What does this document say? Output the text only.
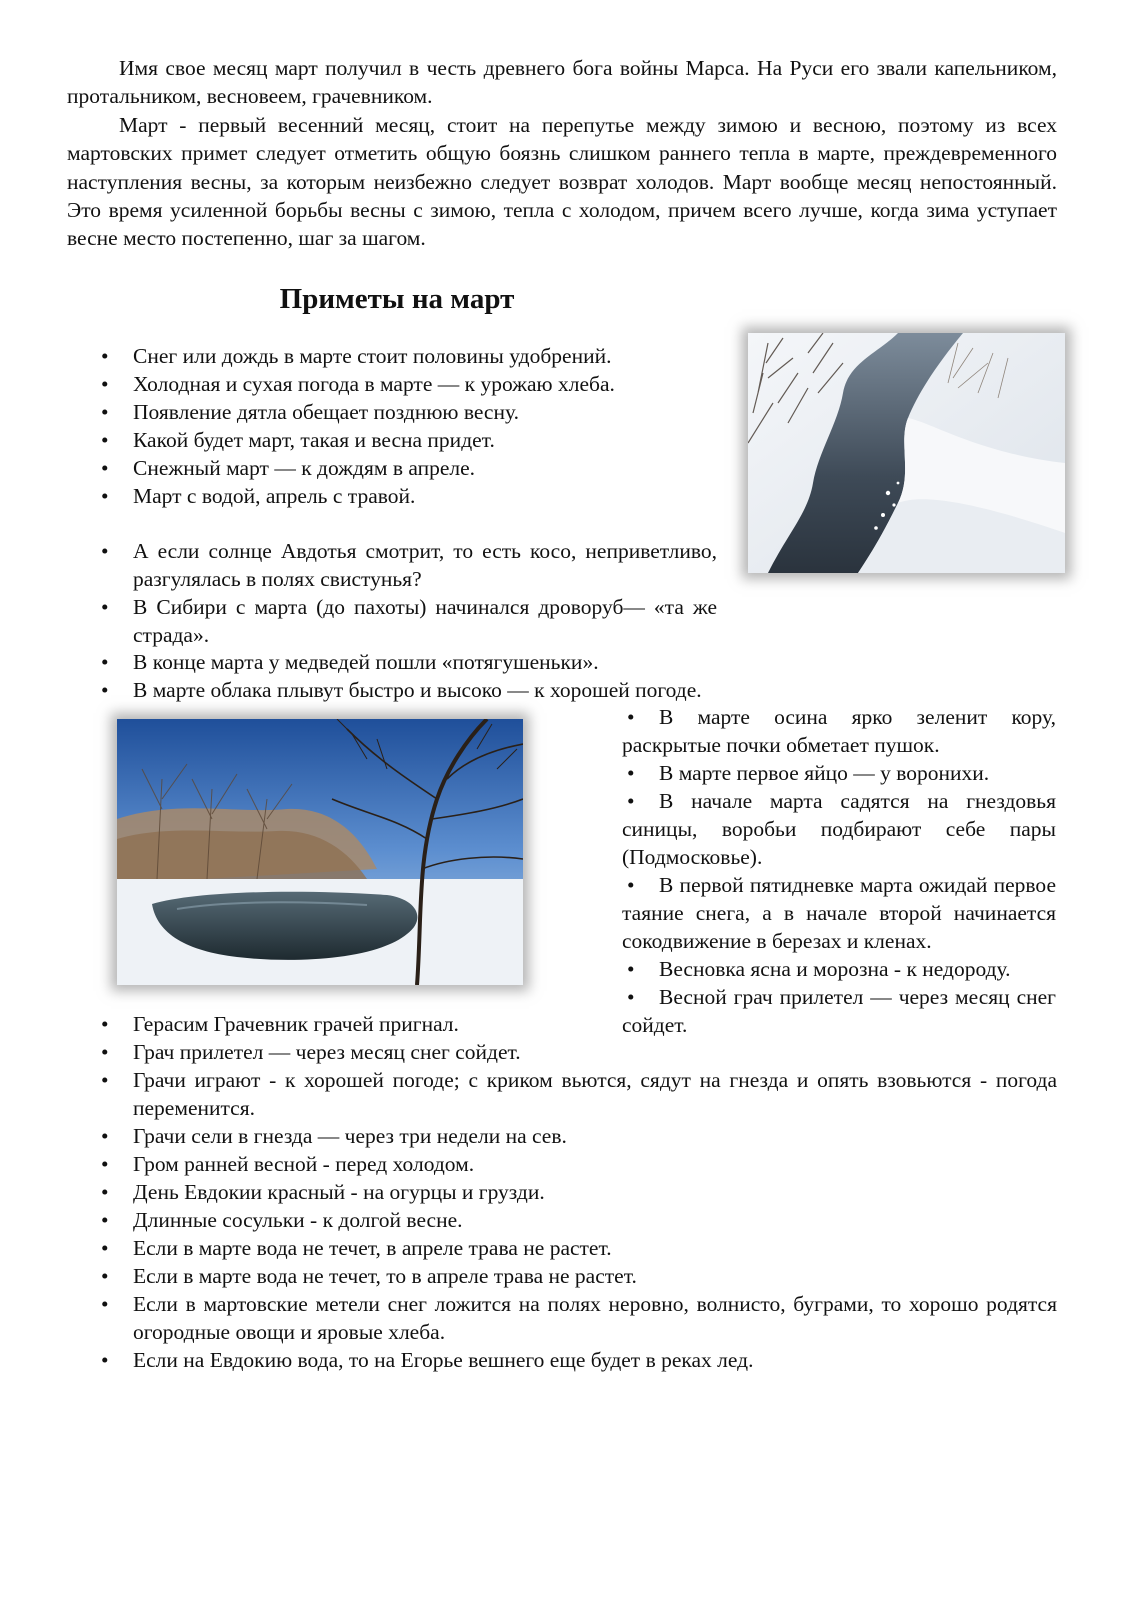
Имя свое месяц март получил в честь древнего бога войны Марса. На Руси его звали капельником, протальником, весновеем, грачевником.

Март - первый весенний месяц, стоит на перепутье между зимою и весною, поэтому из всех мартовских примет следует отметить общую боязнь слишком раннего тепла в марте, преждевременного наступления весны, за которым неизбежно следует возврат холодов. Март вообще месяц непостоянный. Это время усиленной борьбы весны с зимою, тепла с холодом, причем всего лучше, когда зима уступает весне место постепенно, шаг за шагом.

Приметы на март
•	Снег или дождь в марте стоит половины удобрений.
•	Холодная и сухая погода в марте — к урожаю хлеба.
•	Появление дятла обещает позднюю весну.
•	Какой будет март, такая и весна придет.
•	Снежный март — к дождям в апреле.
•	Март с водой, апрель с травой.
•	А если солнце Авдотья смотрит, то есть косо, неприветливо, разгулялась в полях свистунья?
•	В Сибири с марта (до пахоты) начинался дроворуб— «та же страда».
•	В конце марта у медведей пошли «потягушеньки».
•	В марте облака плывут быстро и высоко — к хорошей погоде.
• В марте осина ярко зеленит кору, раскрытые почки обметает пушок.
• В марте первое яйцо — у воронихи.
• В начале марта садятся на гнездовья синицы, воробьи подбирают себе пары (Подмосковье).
• В первой пятидневке марта ожидай первое таяние снега, а в начале второй начинается сокодвижение в березах и кленах.
• Весновка ясна и морозна - к недороду.
• Весной грач прилетел — через месяц снег сойдет.
•	Герасим Грачевник грачей пригнал.
•	Грач прилетел — через месяц снег сойдет.
•	Грачи играют - к хорошей погоде; с криком вьются, сядут на гнезда и опять взовьются - погода переменится.
•	Грачи сели в гнезда — через три недели на сев.
•	Гром ранней весной - перед холодом.
•	День Евдокии красный - на огурцы и грузди.
•	Длинные сосульки - к долгой весне.
•	Если в марте вода не течет, в апреле трава не растет.
•	Если в марте вода не течет, то в апреле трава не растет.
•	Если в мартовские метели снег ложится на полях неровно, волнисто, буграми, то хорошо родятся огородные овощи и яровые хлеба.
•	Если на Евдокию вода, то на Егорье вешнего еще будет в реках лед.
